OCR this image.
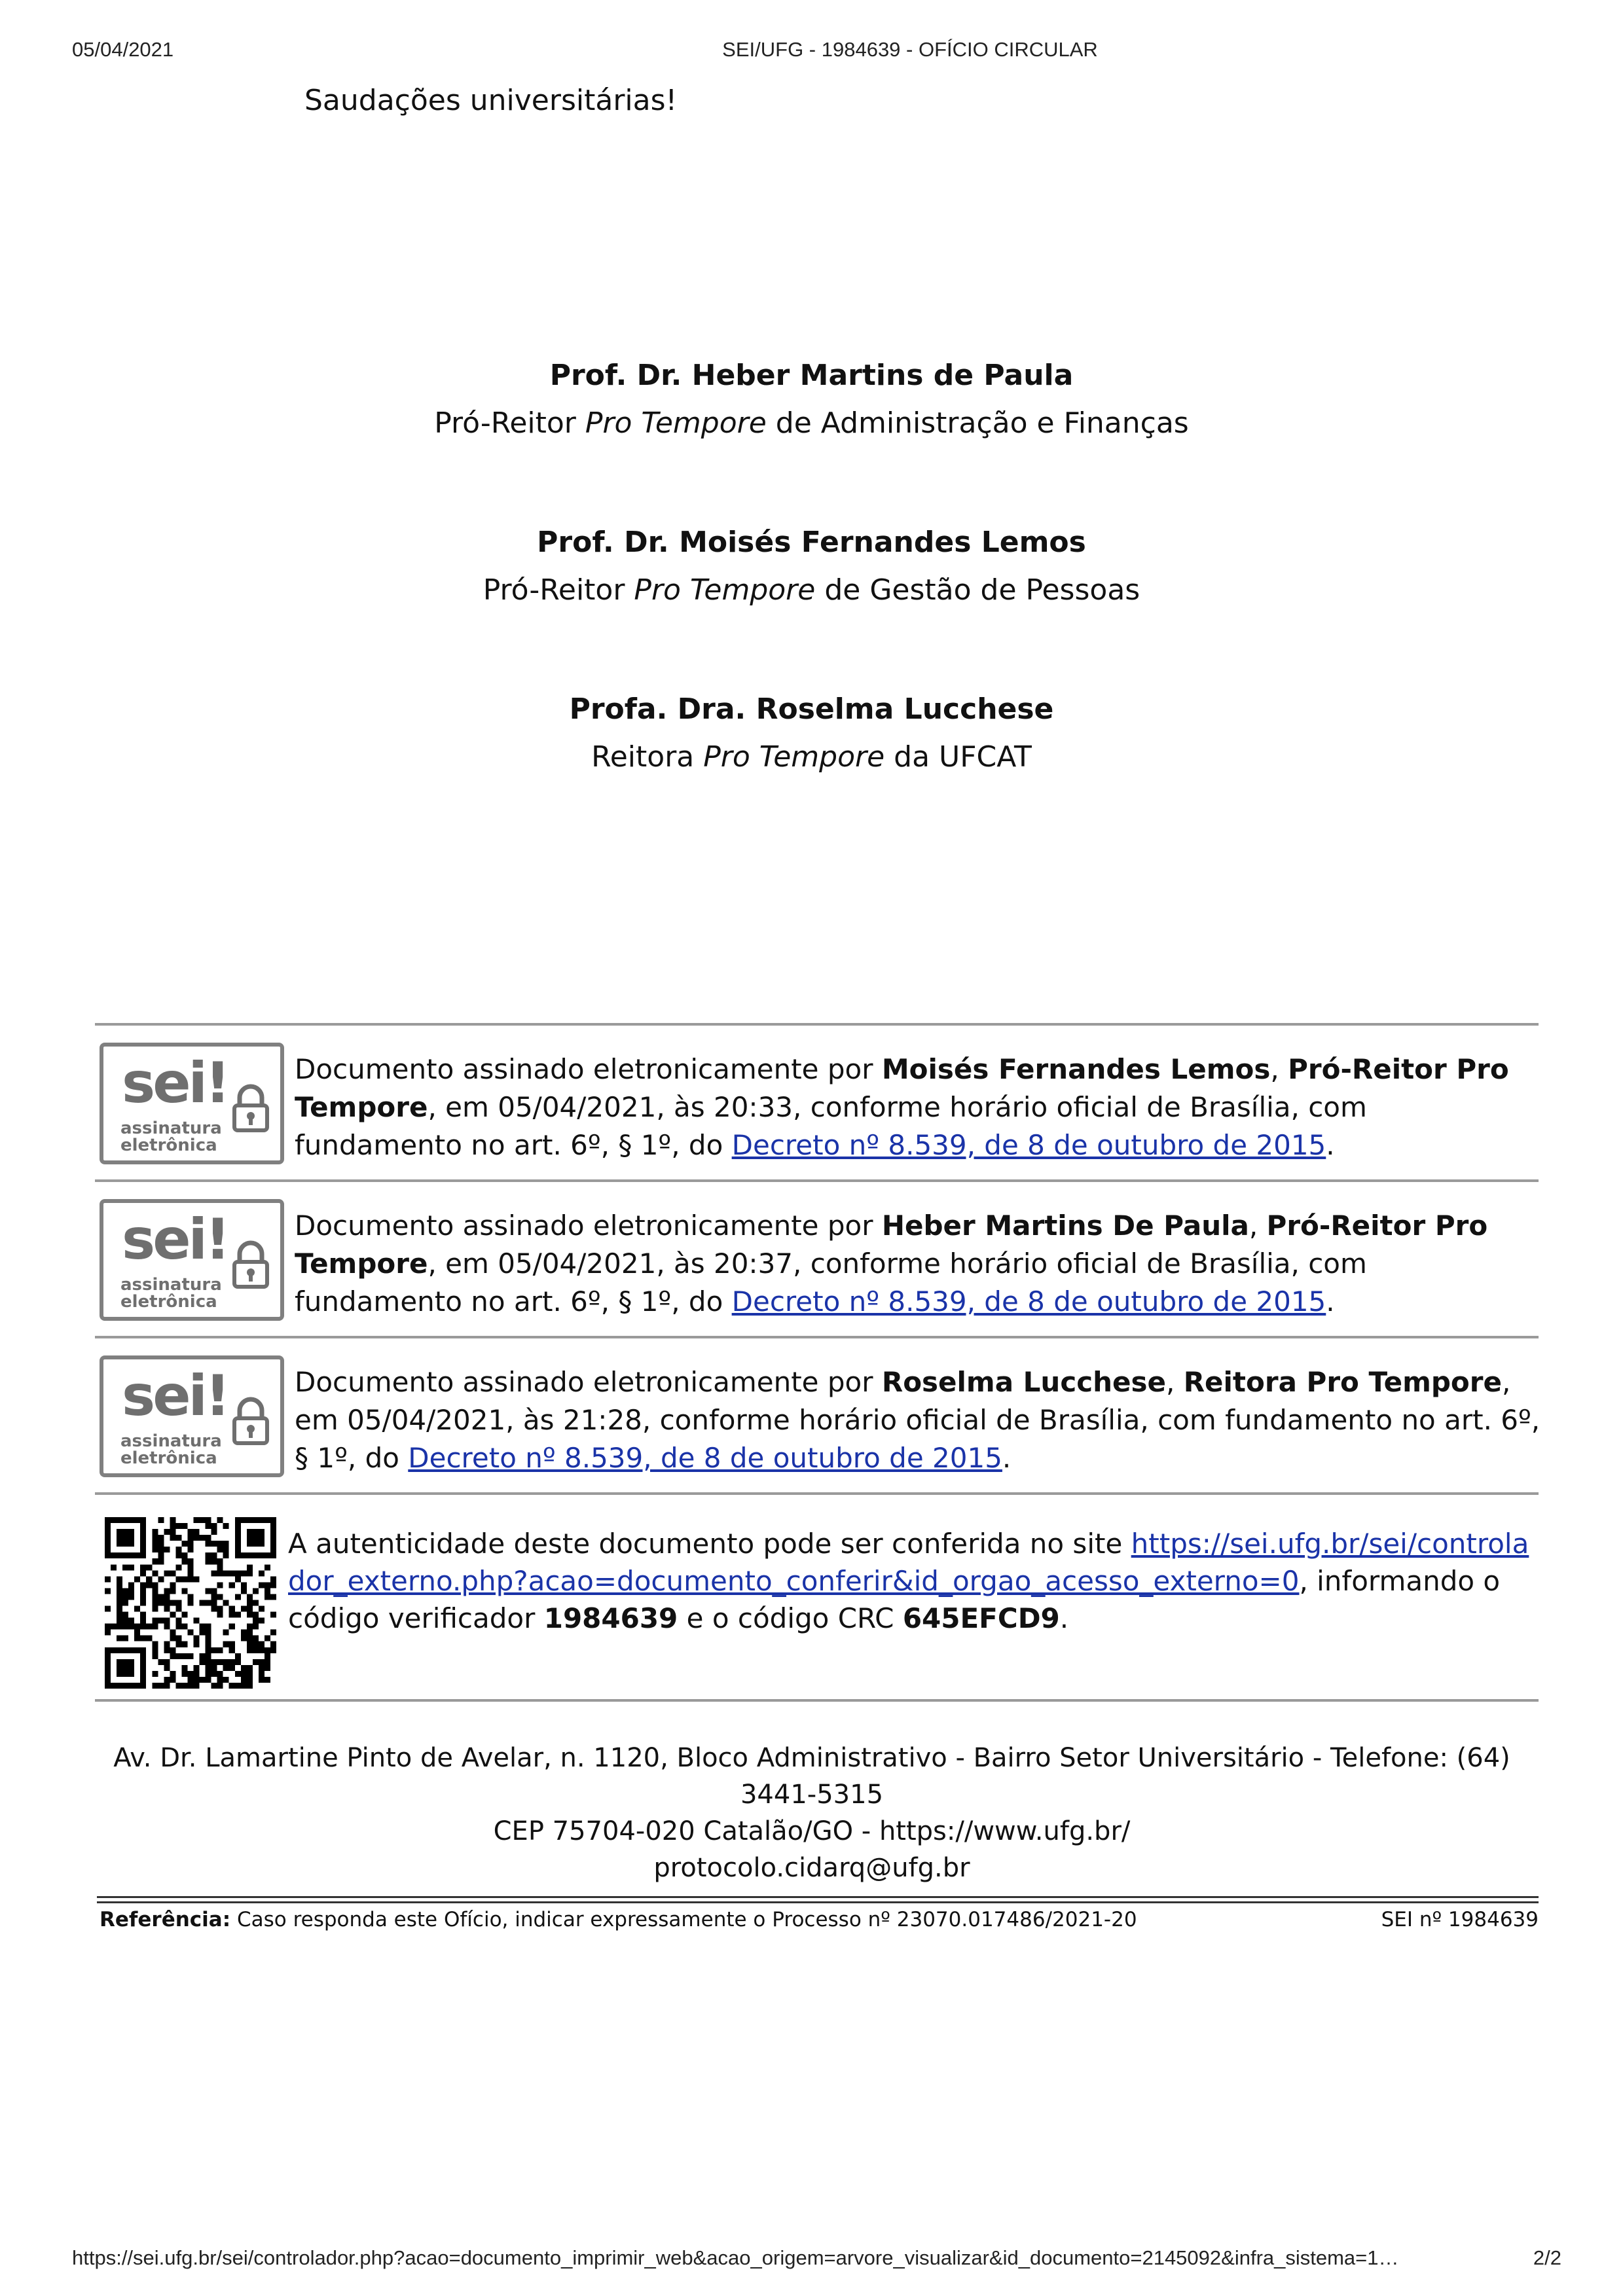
05/04/2021	SEI/UFG - 1984639 - OFÍCIO CIRCULAR
Saudações universitárias!
Prof. Dr. Heber Martins de Paula
Pró-Reitor Pro Tempore de Administração e Finanças
Prof. Dr. Moisés Fernandes Lemos
Pró-Reitor Pro Tempore de Gestão de Pessoas
Profa. Dra. Roselma Lucchese
Reitora Pro Tempore da UFCAT
sei!
assinatura
eletrônica
Documento assinado eletronicamente por Moisés Fernandes Lemos, Pró-Reitor Pro Tempore, em 05/04/2021, às 20:33, conforme horário oficial de Brasília, com fundamento no art. 6º, § 1º, do Decreto nº 8.539, de 8 de outubro de 2015.
sei!
assinatura
eletrônica
Documento assinado eletronicamente por Heber Martins De Paula, Pró-Reitor Pro Tempore, em 05/04/2021, às 20:37, conforme horário oficial de Brasília, com fundamento no art. 6º, § 1º, do Decreto nº 8.539, de 8 de outubro de 2015.
sei!
assinatura
eletrônica
Documento assinado eletronicamente por Roselma Lucchese, Reitora Pro Tempore, em 05/04/2021, às 21:28, conforme horário oficial de Brasília, com fundamento no art. 6º, § 1º, do Decreto nº 8.539, de 8 de outubro de 2015.
A autenticidade deste documento pode ser conferida no site https://sei.ufg.br/sei/controlador_externo.php?acao=documento_conferir&id_orgao_acesso_externo=0, informando o código verificador 1984639 e o código CRC 645EFCD9.
Av. Dr. Lamartine Pinto de Avelar, n. 1120, Bloco Administrativo - Bairro Setor Universitário - Telefone: (64) 3441-5315
CEP 75704-020 Catalão/GO - https://www.ufg.br/
protocolo.cidarq@ufg.br
Referência: Caso responda este Ofício, indicar expressamente o Processo nº 23070.017486/2021-20	SEI nº 1984639
https://sei.ufg.br/sei/controlador.php?acao=documento_imprimir_web&acao_origem=arvore_visualizar&id_documento=2145092&infra_sistema=1…	2/2
